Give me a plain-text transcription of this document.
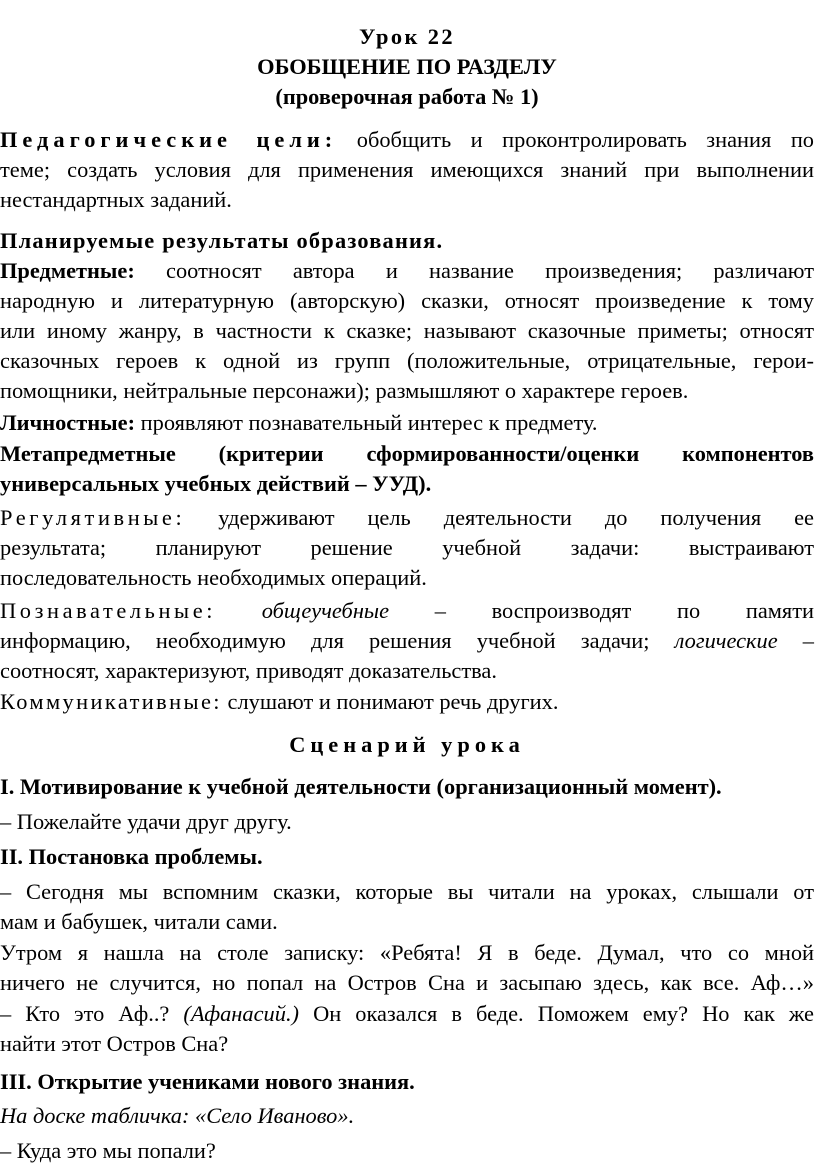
Урок 22
ОБОБЩЕНИЕ ПО РАЗДЕЛУ
(проверочная работа № 1)
Педагогические цели: обобщить и проконтролировать знания по
теме; создать условия для применения имеющихся знаний при выполнении
нестандартных заданий.
Планируемые результаты образования.
Предметные: соотносят автора и название произведения; различают
народную и литературную (авторскую) сказки, относят произведение к тому
или иному жанру, в частности к сказке; называют сказочные приметы; относят
сказочных героев к одной из групп (положительные, отрицательные, герои-
помощники, нейтральные персонажи); размышляют о характере героев.
Личностные: проявляют познавательный интерес к предмету.
Метапредметные (критерии сформированности/оценки компонентов
универсальных учебных действий – УУД).
Регулятивные: удерживают цель деятельности до получения ее
результата; планируют решение учебной задачи: выстраивают
последовательность необходимых операций.
Познавательные: общеучебные – воспроизводят по памяти
информацию, необходимую для решения учебной задачи; логические –
соотносят, характеризуют, приводят доказательства.
Коммуникативные: слушают и понимают речь других.
Сценарий урока
I. Мотивирование к учебной деятельности (организационный момент).
– Пожелайте удачи друг другу.
II. Постановка проблемы.
– Сегодня мы вспомним сказки, которые вы читали на уроках, слышали от
мам и бабушек, читали сами.
Утром я нашла на столе записку: «Ребята! Я в беде. Думал, что со мной
ничего не случится, но попал на Остров Сна и засыпаю здесь, как все. Аф…»
– Кто это Аф..? (Афанасий.) Он оказался в беде. Поможем ему? Но как же
найти этот Остров Сна?
III. Открытие учениками нового знания.
На доске табличка: «Село Иваново».
– Куда это мы попали?
